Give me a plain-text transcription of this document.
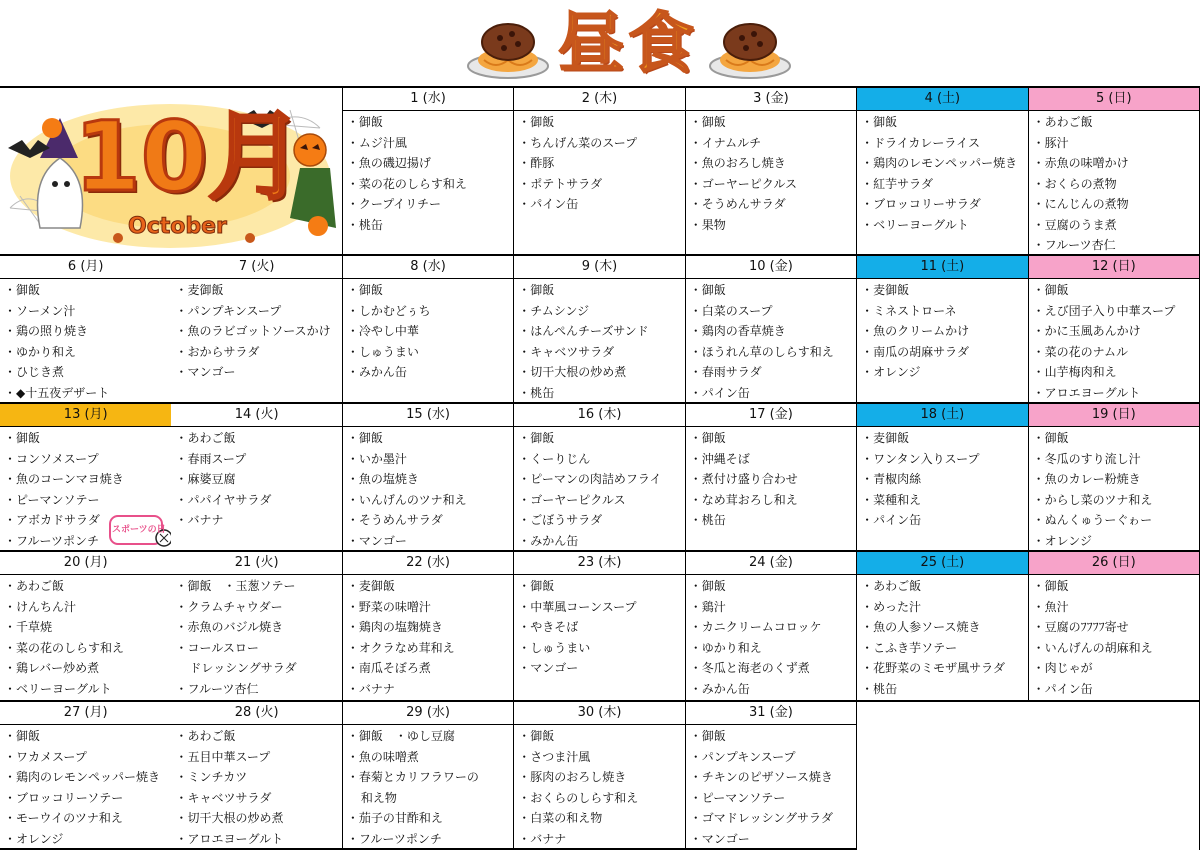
昼食
10月
October
1 (水)
・ 御飯
・ ムジ汁風
・ 魚の磯辺揚げ
・ 菜の花のしらす和え
・ クープイリチー
・ 桃缶
2 (木)
・ 御飯
・ ちんげん菜のスープ
・ 酢豚
・ ポテトサラダ
・ パイン缶
3 (金)
・ 御飯
・ イナムルチ
・ 魚のおろし焼き
・ ゴーヤーピクルス
・ そうめんサラダ
・ 果物
4 (土)
・ 御飯
・ ドライカレーライス
・ 鶏肉のレモンペッパー焼き
・ 紅芋サラダ
・ ブロッコリーサラダ
・ ベリーヨーグルト
5 (日)
・ あわご飯
・ 豚汁
・ 赤魚の味噌かけ
・ おくらの煮物
・ にんじんの煮物
・ 豆腐のうま煮
・ フルーツ杏仁
6 (月)
・ 御飯
・ ソーメン汁
・ 鶏の照り焼き
・ ゆかり和え
・ ひじき煮
・ ◆十五夜デザート
7 (火)
・ 麦御飯
・ パンプキンスープ
・ 魚のラビゴットソースかけ
・ おからサラダ
・ マンゴー
8 (水)
・ 御飯
・ しかむどぅち
・ 冷やし中華
・ しゅうまい
・ みかん缶
9 (木)
・ 御飯
・ チムシンジ
・ はんぺんチーズサンド
・ キャベツサラダ
・ 切干大根の炒め煮
・ 桃缶
10 (金)
・ 御飯
・ 白菜のスープ
・ 鶏肉の香草焼き
・ ほうれん草のしらす和え
・ 春雨サラダ
・ パイン缶
11 (土)
・ 麦御飯
・ ミネストローネ
・ 魚のクリームかけ
・ 南瓜の胡麻サラダ
・ オレンジ
12 (日)
・ 御飯
・ えび団子入り中華スープ
・ かに玉風あんかけ
・ 菜の花のナムル
・ 山芋梅肉和え
・ アロエヨーグルト
13 (月)
・ 御飯
・ コンソメスープ
・ 魚のコーンマヨ焼き
・ ピーマンソテー
・ アボカドサラダ
・ フルーツポンチ
スポーツの日
14 (火)
・ あわご飯
・ 春雨スープ
・ 麻婆豆腐
・ パパイヤサラダ
・ バナナ
15 (水)
・ 御飯
・ いか墨汁
・ 魚の塩焼き
・ いんげんのツナ和え
・ そうめんサラダ
・ マンゴー
16 (木)
・ 御飯
・ くーりじん
・ ピーマンの肉詰めフライ
・ ゴーヤーピクルス
・ ごぼうサラダ
・ みかん缶
17 (金)
・ 御飯
・ 沖縄そば
・ 煮付け盛り合わせ
・ なめ茸おろし和え
・ 桃缶
18 (土)
・ 麦御飯
・ ワンタン入りスープ
・ 青椒肉絲
・ 菜種和え
・ パイン缶
19 (日)
・ 御飯
・ 冬瓜のすり流し汁
・ 魚のカレー粉焼き
・ からし菜のツナ和え
・ ぬんくゅうーぐゎー
・ オレンジ
20 (月)
・ あわご飯
・ けんちん汁
・ 千草焼
・ 菜の花のしらす和え
・ 鶏レバー炒め煮
・ ベリーヨーグルト
21 (火)
・ 御飯　・玉葱ソテー
・ クラムチャウダー
・ 赤魚のバジル焼き
・ コールスロー
ドレッシングサラダ
・ フルーツ杏仁
22 (水)
・ 麦御飯
・ 野菜の味噌汁
・ 鶏肉の塩麹焼き
・ オクラなめ茸和え
・ 南瓜そぼろ煮
・ バナナ
23 (木)
・ 御飯
・ 中華風コーンスープ
・ やきそば
・ しゅうまい
・ マンゴー
24 (金)
・ 御飯
・ 鶏汁
・ カニクリームコロッケ
・ ゆかり和え
・ 冬瓜と海老のくず煮
・ みかん缶
25 (土)
・ あわご飯
・ めった汁
・ 魚の人参ソース焼き
・ こふき芋ソテー
・ 花野菜のミモザ風サラダ
・ 桃缶
26 (日)
・ 御飯
・ 魚汁
・ 豆腐のﾌﾌﾌﾌ寄せ
・ いんげんの胡麻和え
・ 肉じゃが
・ パイン缶
27 (月)
・ 御飯
・ ワカメスープ
・ 鶏肉のレモンペッパー焼き
・ ブロッコリーソテー
・ モーウイのツナ和え
・ オレンジ
28 (火)
・ あわご飯
・ 五目中華スープ
・ ミンチカツ
・ キャベツサラダ
・ 切干大根の炒め煮
・ アロエヨーグルト
29 (水)
・ 御飯　・ゆし豆腐
・ 魚の味噌煮
・ 春菊とカリフラワーの
和え物
・ 茄子の甘酢和え
・ フルーツポンチ
30 (木)
・ 御飯
・ さつま汁風
・ 豚肉のおろし焼き
・ おくらのしらす和え
・ 白菜の和え物
・ バナナ
31 (金)
・ 御飯
・ パンプキンスープ
・ チキンのピザソース焼き
・ ピーマンソテー
・ ゴマドレッシングサラダ
・ マンゴー
